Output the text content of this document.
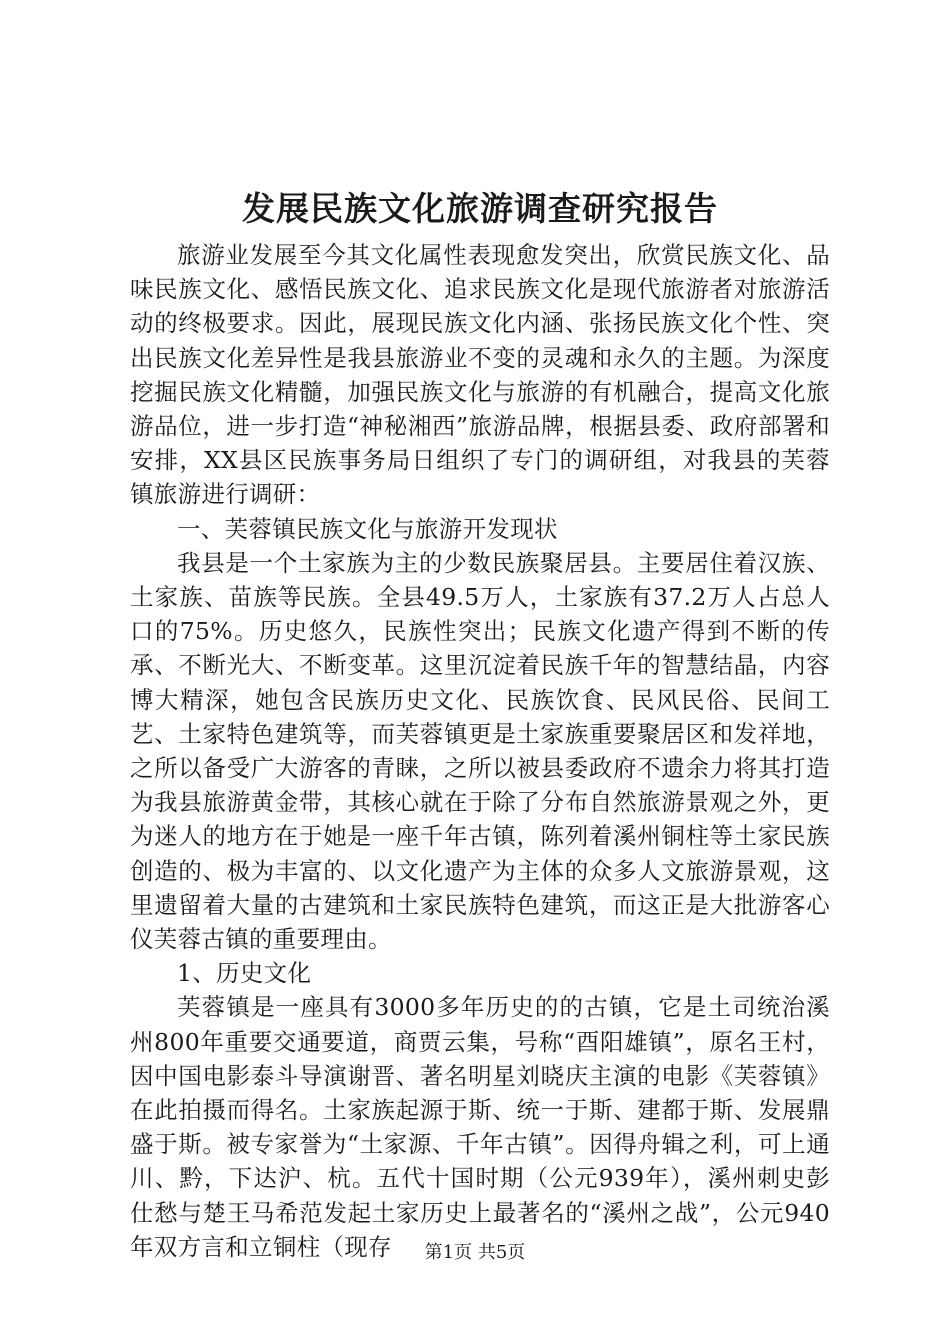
发展民族文化旅游调查研究报告

旅游业发展至今其文化属性表现愈发突出，欣赏民族文化、品味民族文化、感悟民族文化、追求民族文化是现代旅游者对旅游活动的终极要求。因此，展现民族文化内涵、张扬民族文化个性、突出民族文化差异性是我县旅游业不变的灵魂和永久的主题。为深度挖掘民族文化精髓，加强民族文化与旅游的有机融合，提高文化旅游品位，进一步打造“神秘湘西”旅游品牌，根据县委、政府部署和安排，XX县区民族事务局日组织了专门的调研组，对我县的芙蓉镇旅游进行调研：

一、芙蓉镇民族文化与旅游开发现状

我县是一个土家族为主的少数民族聚居县。主要居住着汉族、土家族、苗族等民族。全县49.5万人，土家族有37.2万人占总人口的75%。历史悠久，民族性突出；民族文化遗产得到不断的传承、不断光大、不断变革。这里沉淀着民族千年的智慧结晶，内容博大精深，她包含民族历史文化、民族饮食、民风民俗、民间工艺、土家特色建筑等，而芙蓉镇更是土家族重要聚居区和发祥地，之所以备受广大游客的青睐，之所以被县委政府不遗余力将其打造为我县旅游黄金带，其核心就在于除了分布自然旅游景观之外，更为迷人的地方在于她是一座千年古镇，陈列着溪州铜柱等土家民族创造的、极为丰富的、以文化遗产为主体的众多人文旅游景观，这里遗留着大量的古建筑和土家民族特色建筑，而这正是大批游客心仪芙蓉古镇的重要理由。

1、历史文化

芙蓉镇是一座具有3000多年历史的的古镇，它是土司统治溪州800年重要交通要道，商贾云集，号称“酉阳雄镇”，原名王村，因中国电影泰斗导演谢晋、著名明星刘晓庆主演的电影《芙蓉镇》在此拍摄而得名。土家族起源于斯、统一于斯、建都于斯、发展鼎盛于斯。被专家誉为“土家源、千年古镇”。因得舟辑之利，可上通川、黔，下达沪、杭。五代十国时期（公元939年），溪州刺史彭仕愁与楚王马希范发起土家历史上最著名的“溪州之战”，公元940年双方言和立铜柱（现存	第1页 共5页
